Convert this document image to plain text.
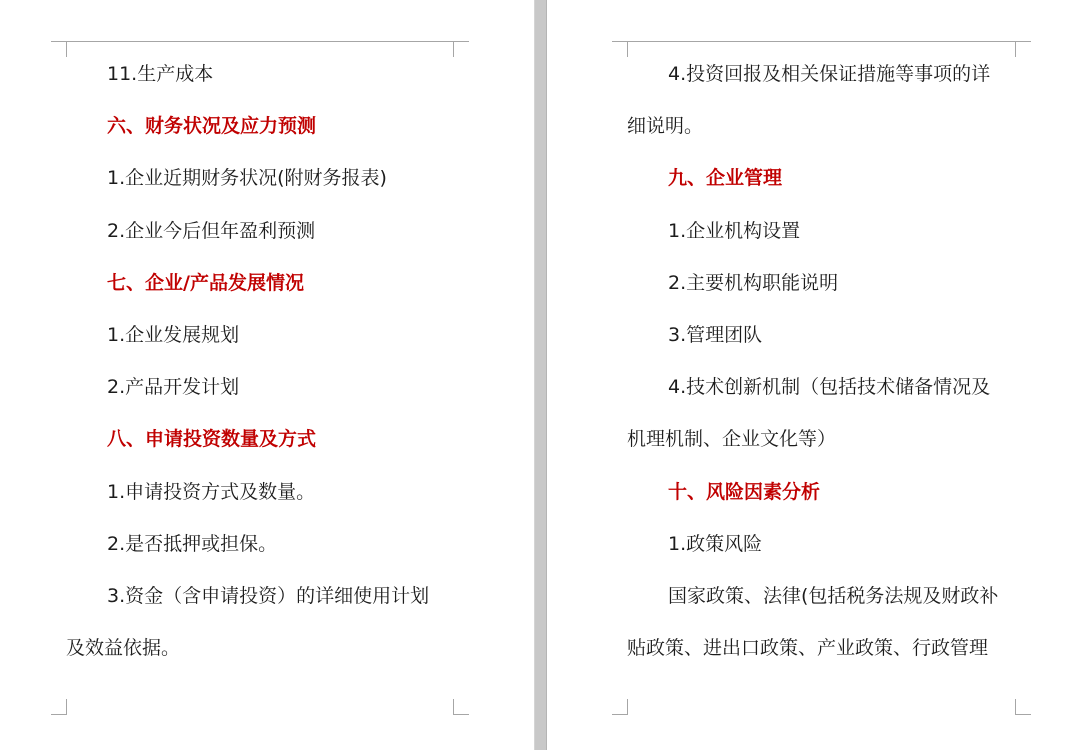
11.生产成本
六、财务状况及应力预测
1.企业近期财务状况(附财务报表)
2.企业今后但年盈利预测
七、企业/产品发展情况
1.企业发展规划
2.产品开发计划
八、申请投资数量及方式
1.申请投资方式及数量。
2.是否抵押或担保。
3.资金（含申请投资）的详细使用计划
及效益依据。
4.投资回报及相关保证措施等事项的详
细说明。
九、企业管理
1.企业机构设置
2.主要机构职能说明
3.管理团队
4.技术创新机制（包括技术储备情况及
机理机制、企业文化等）
十、风险因素分析
1.政策风险
国家政策、法律(包括税务法规及财政补
贴政策、进出口政策、产业政策、行政管理
